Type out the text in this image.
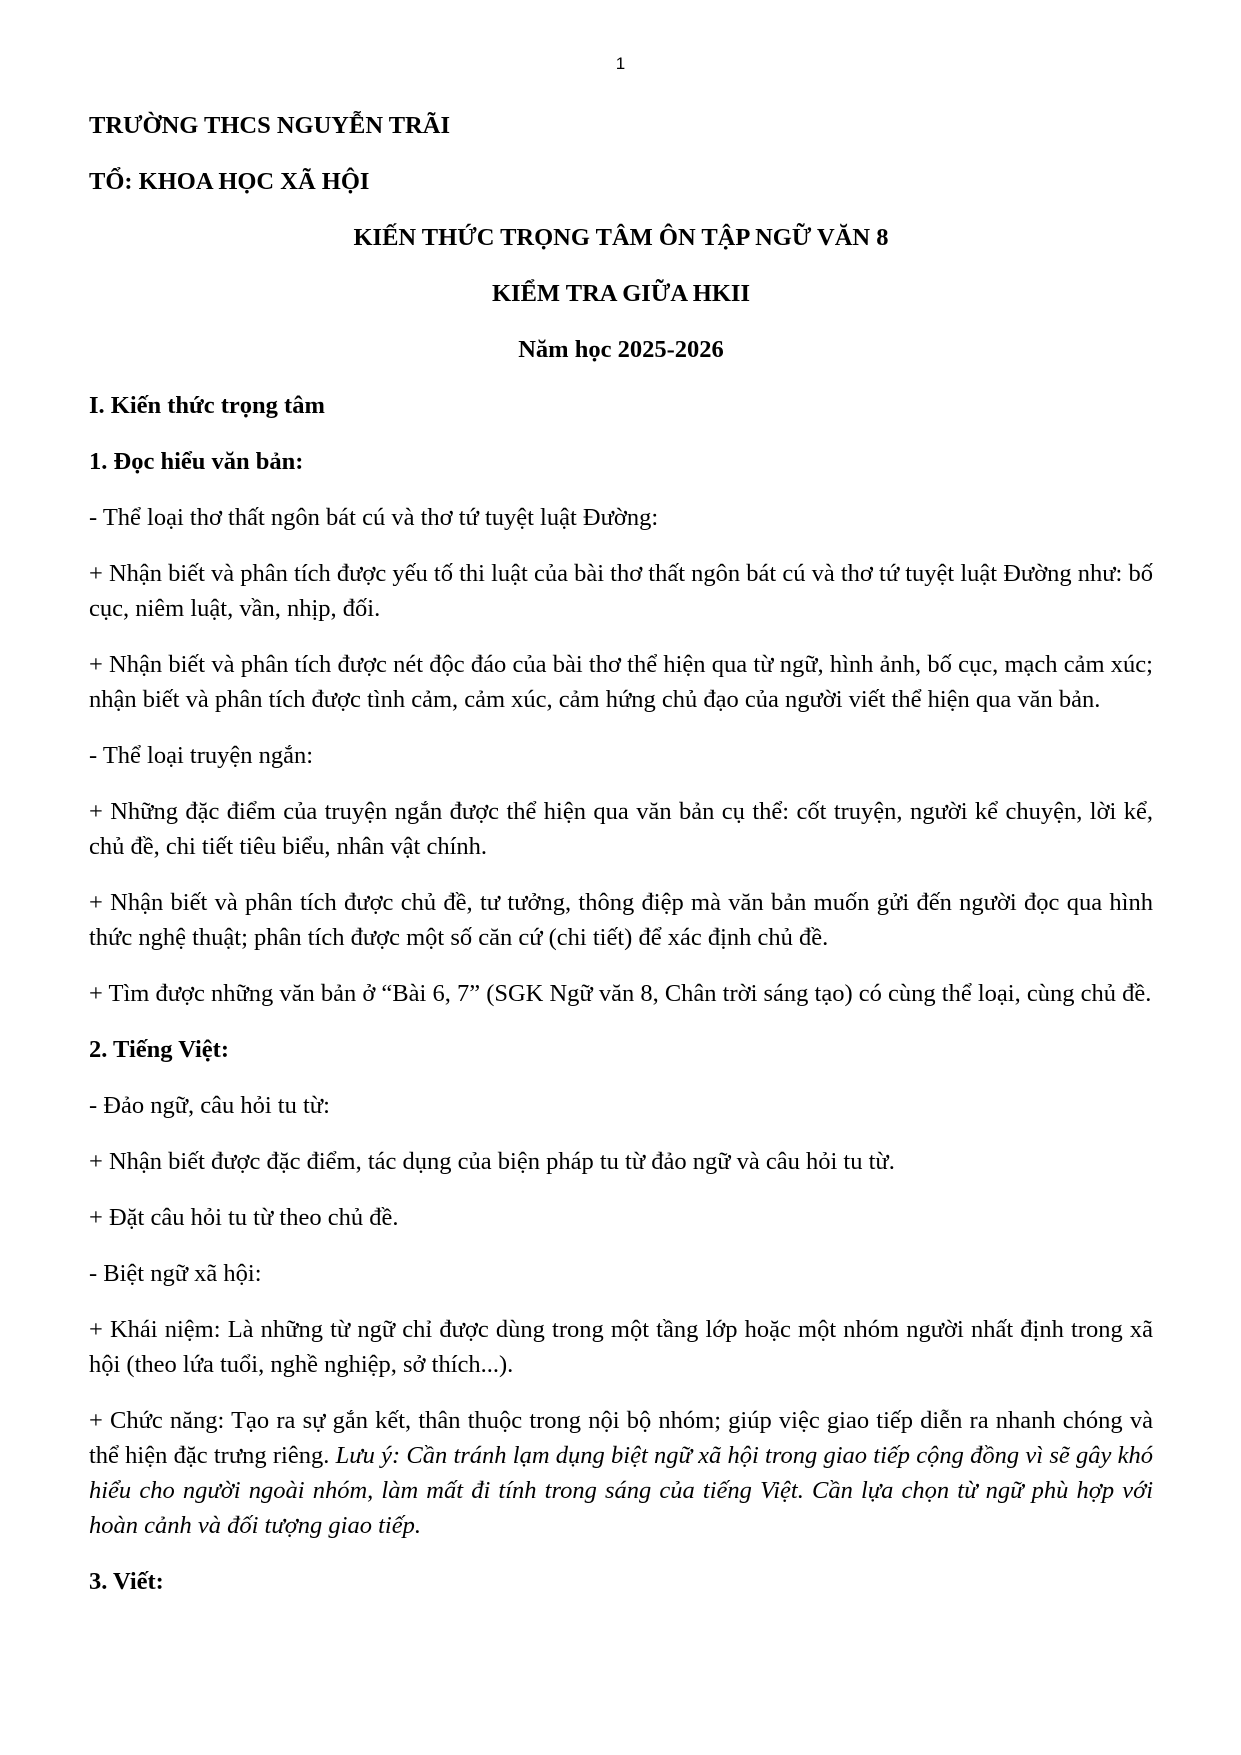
1

TRƯỜNG THCS NGUYỄN TRÃI

TỔ: KHOA HỌC XÃ HỘI

KIẾN THỨC TRỌNG TÂM ÔN TẬP NGỮ VĂN 8

KIỂM TRA GIỮA HKII

Năm học 2025-2026

I. Kiến thức trọng tâm

1. Đọc hiểu văn bản:

- Thể loại thơ thất ngôn bát cú và thơ tứ tuyệt luật Đường:

+ Nhận biết và phân tích được yếu tố thi luật của bài thơ thất ngôn bát cú và thơ tứ tuyệt luật Đường như: bố cục, niêm luật, vần, nhịp, đối.

+ Nhận biết và phân tích được nét độc đáo của bài thơ thể hiện qua từ ngữ, hình ảnh, bố cục, mạch cảm xúc; nhận biết và phân tích được tình cảm, cảm xúc, cảm hứng chủ đạo của người viết thể hiện qua văn bản.

- Thể loại truyện ngắn:

+ Những đặc điểm của truyện ngắn được thể hiện qua văn bản cụ thể: cốt truyện, người kể chuyện, lời kể, chủ đề, chi tiết tiêu biểu, nhân vật chính.

+ Nhận biết và phân tích được chủ đề, tư tưởng, thông điệp mà văn bản muốn gửi đến người đọc qua hình thức nghệ thuật; phân tích được một số căn cứ (chi tiết) để xác định chủ đề.

+ Tìm được những văn bản ở “Bài 6, 7” (SGK Ngữ văn 8, Chân trời sáng tạo) có cùng thể loại, cùng chủ đề.

2. Tiếng Việt:

- Đảo ngữ, câu hỏi tu từ:

+ Nhận biết được đặc điểm, tác dụng của biện pháp tu từ đảo ngữ và câu hỏi tu từ.

+ Đặt câu hỏi tu từ theo chủ đề.

- Biệt ngữ xã hội:

+ Khái niệm: Là những từ ngữ chỉ được dùng trong một tầng lớp hoặc một nhóm người nhất định trong xã hội (theo lứa tuổi, nghề nghiệp, sở thích...).

+ Chức năng: Tạo ra sự gắn kết, thân thuộc trong nội bộ nhóm; giúp việc giao tiếp diễn ra nhanh chóng và thể hiện đặc trưng riêng. Lưu ý: Cần tránh lạm dụng biệt ngữ xã hội trong giao tiếp cộng đồng vì sẽ gây khó hiểu cho người ngoài nhóm, làm mất đi tính trong sáng của tiếng Việt. Cần lựa chọn từ ngữ phù hợp với hoàn cảnh và đối tượng giao tiếp.

3. Viết:
